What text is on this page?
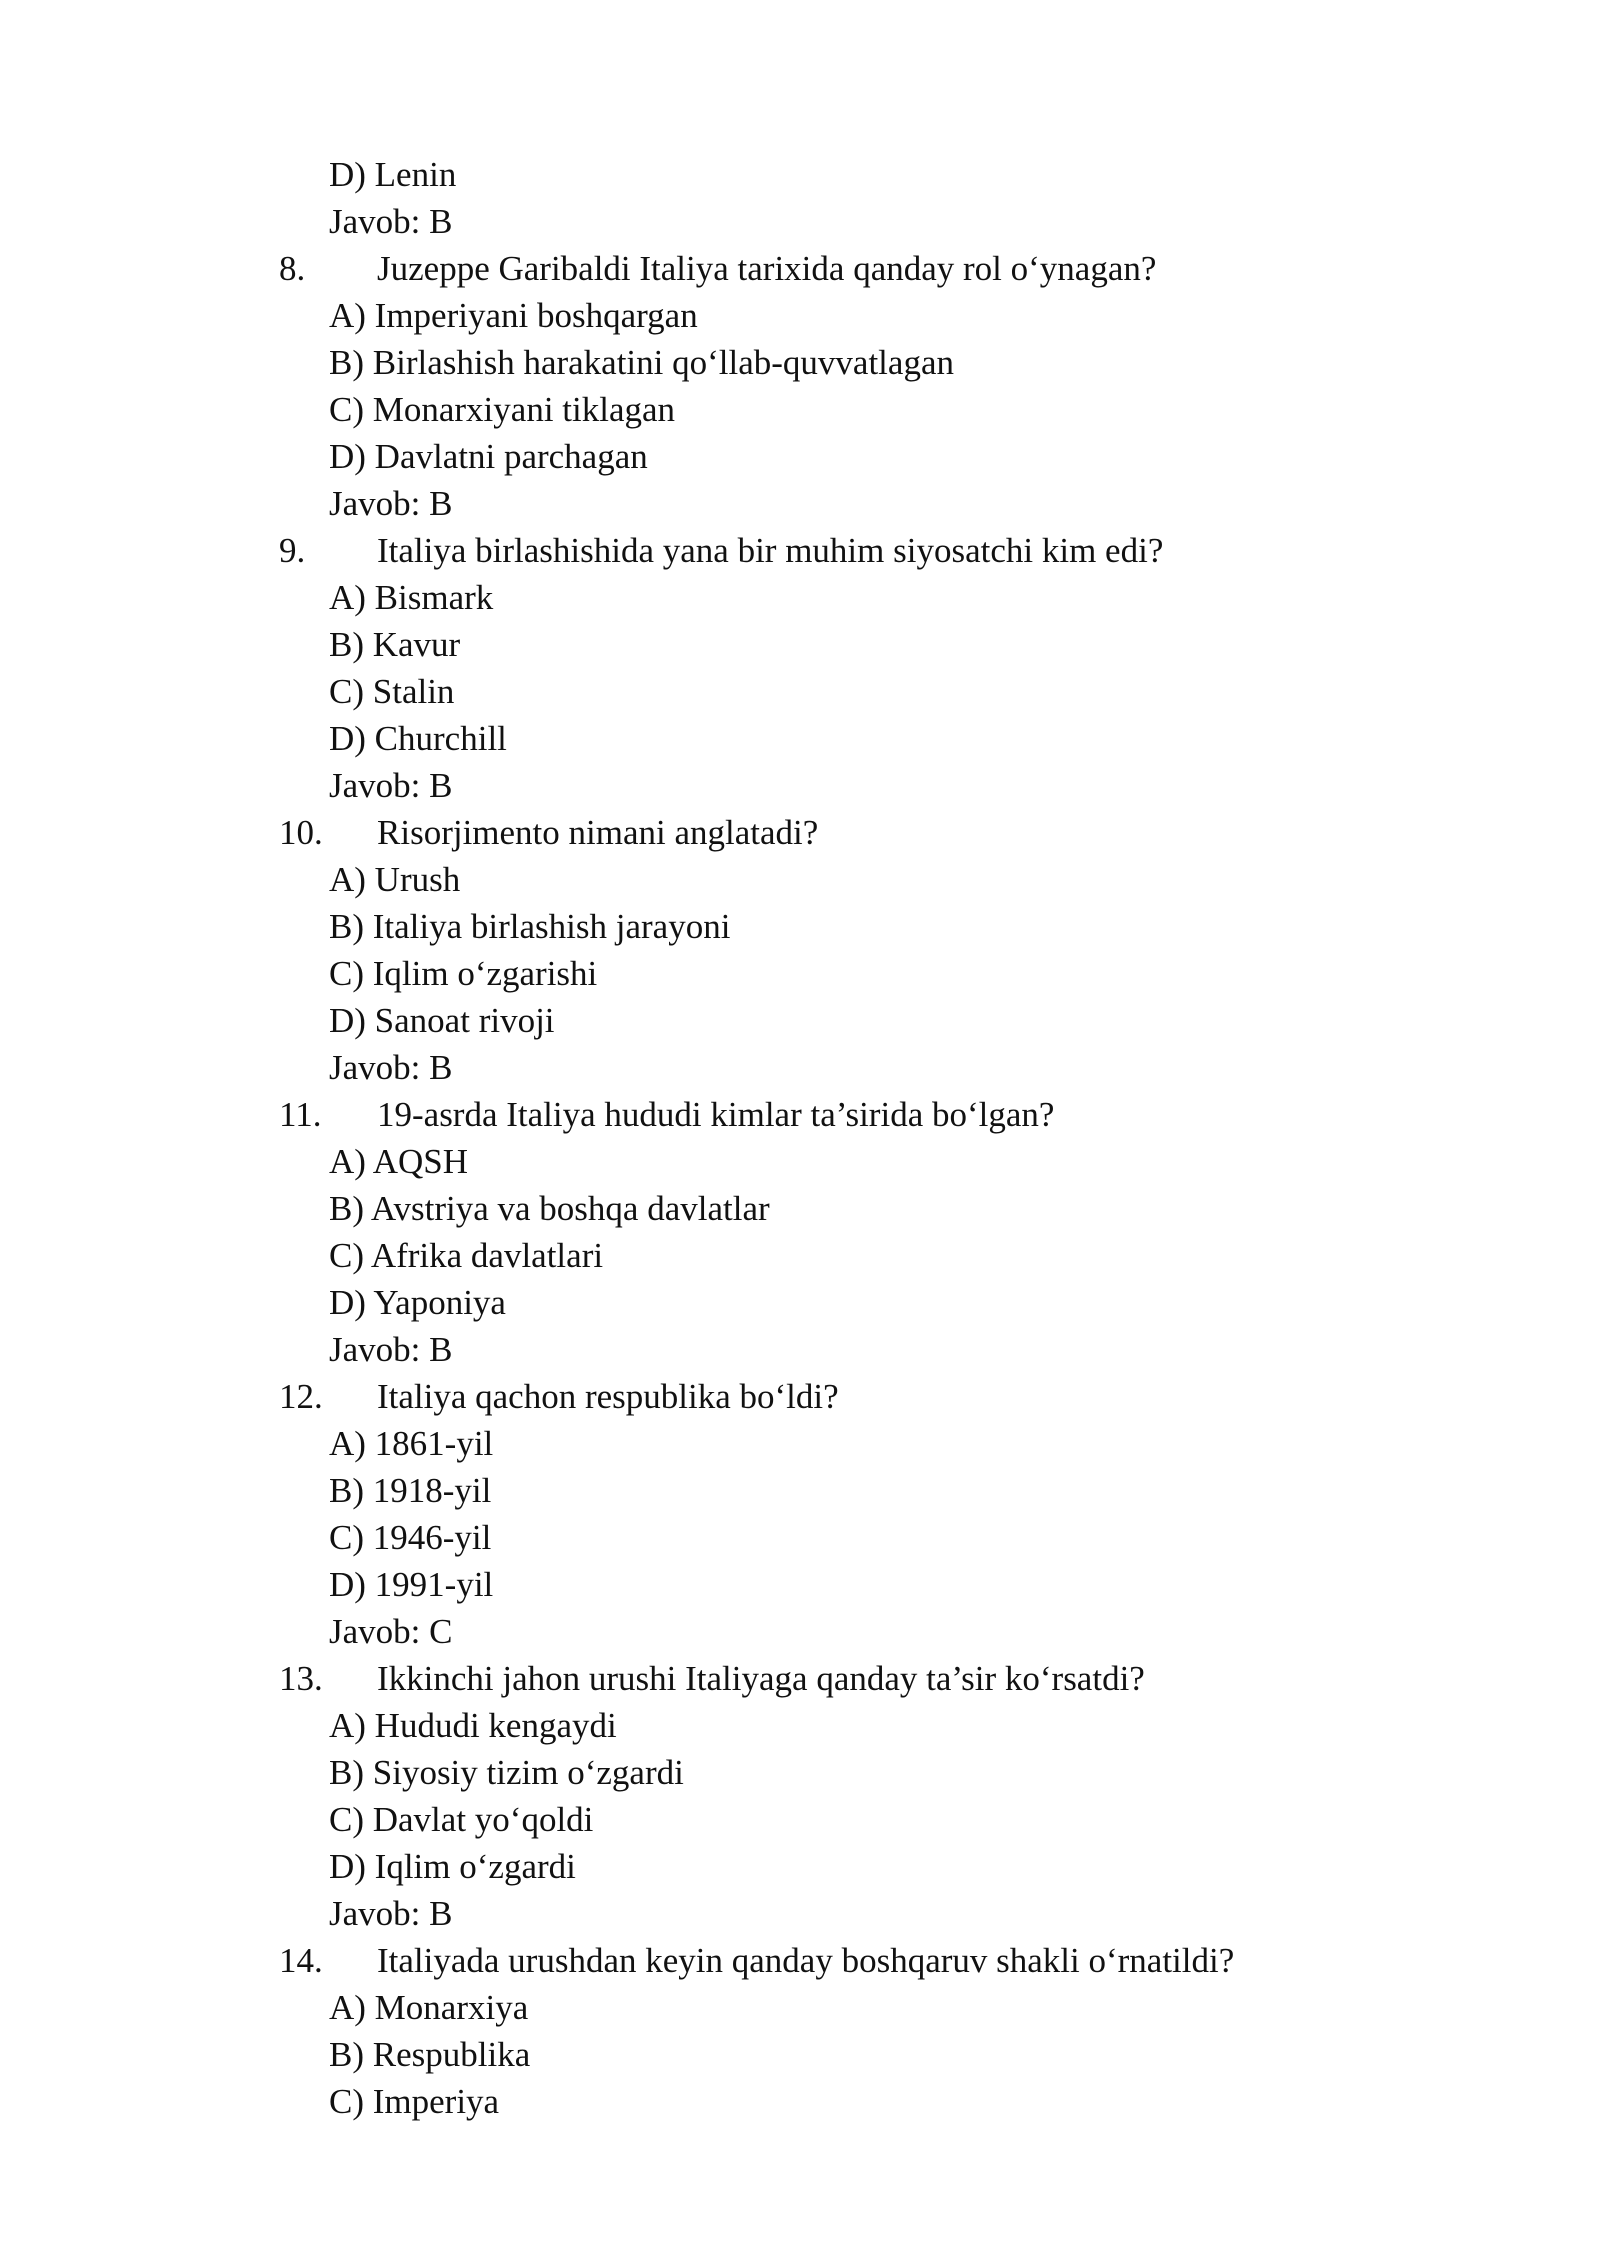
D) Lenin
Javob: B
8. Juzeppe Garibaldi Italiya tarixida qanday rol o‘ynagan?
A) Imperiyani boshqargan
B) Birlashish harakatini qo‘llab-quvvatlagan
C) Monarxiyani tiklagan
D) Davlatni parchagan
Javob: B
9. Italiya birlashishida yana bir muhim siyosatchi kim edi?
A) Bismark
B) Kavur
C) Stalin
D) Churchill
Javob: B
10. Risorjimento nimani anglatadi?
A) Urush
B) Italiya birlashish jarayoni
C) Iqlim o‘zgarishi
D) Sanoat rivoji
Javob: B
11. 19-asrda Italiya hududi kimlar ta’sirida bo‘lgan?
A) AQSH
B) Avstriya va boshqa davlatlar
C) Afrika davlatlari
D) Yaponiya
Javob: B
12. Italiya qachon respublika bo‘ldi?
A) 1861-yil
B) 1918-yil
C) 1946-yil
D) 1991-yil
Javob: C
13. Ikkinchi jahon urushi Italiyaga qanday ta’sir ko‘rsatdi?
A) Hududi kengaydi
B) Siyosiy tizim o‘zgardi
C) Davlat yo‘qoldi
D) Iqlim o‘zgardi
Javob: B
14. Italiyada urushdan keyin qanday boshqaruv shakli o‘rnatildi?
A) Monarxiya
B) Respublika
C) Imperiya
